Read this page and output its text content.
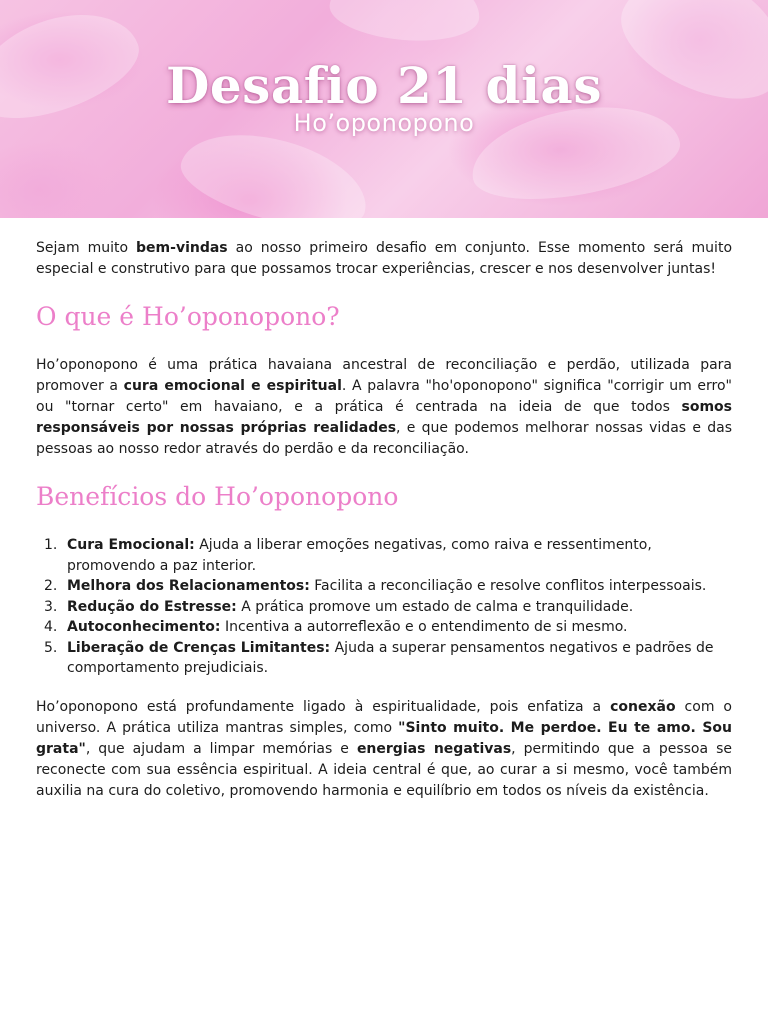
Desafio 21 dias
Ho’oponopono

Sejam muito bem-vindas ao nosso primeiro desafio em conjunto. Esse momento será muito especial e construtivo para que possamos trocar experiências, crescer e nos desenvolver juntas!

O que é Ho’oponopono?

Ho’oponopono é uma prática havaiana ancestral de reconciliação e perdão, utilizada para promover a cura emocional e espiritual. A palavra "ho'oponopono" significa "corrigir um erro" ou "tornar certo" em havaiano, e a prática é centrada na ideia de que todos somos responsáveis por nossas próprias realidades, e que podemos melhorar nossas vidas e das pessoas ao nosso redor através do perdão e da reconciliação.

Benefícios do Ho’oponopono
1. Cura Emocional: Ajuda a liberar emoções negativas, como raiva e ressentimento, promovendo a paz interior.
2. Melhora dos Relacionamentos: Facilita a reconciliação e resolve conflitos interpessoais.
3. Redução do Estresse: A prática promove um estado de calma e tranquilidade.
4. Autoconhecimento: Incentiva a autorreflexão e o entendimento de si mesmo.
5. Liberação de Crenças Limitantes: Ajuda a superar pensamentos negativos e padrões de comportamento prejudiciais.

Ho’oponopono está profundamente ligado à espiritualidade, pois enfatiza a conexão com o universo. A prática utiliza mantras simples, como "Sinto muito. Me perdoe. Eu te amo. Sou grata", que ajudam a limpar memórias e energias negativas, permitindo que a pessoa se reconecte com sua essência espiritual. A ideia central é que, ao curar a si mesmo, você também auxilia na cura do coletivo, promovendo harmonia e equilíbrio em todos os níveis da existência.
